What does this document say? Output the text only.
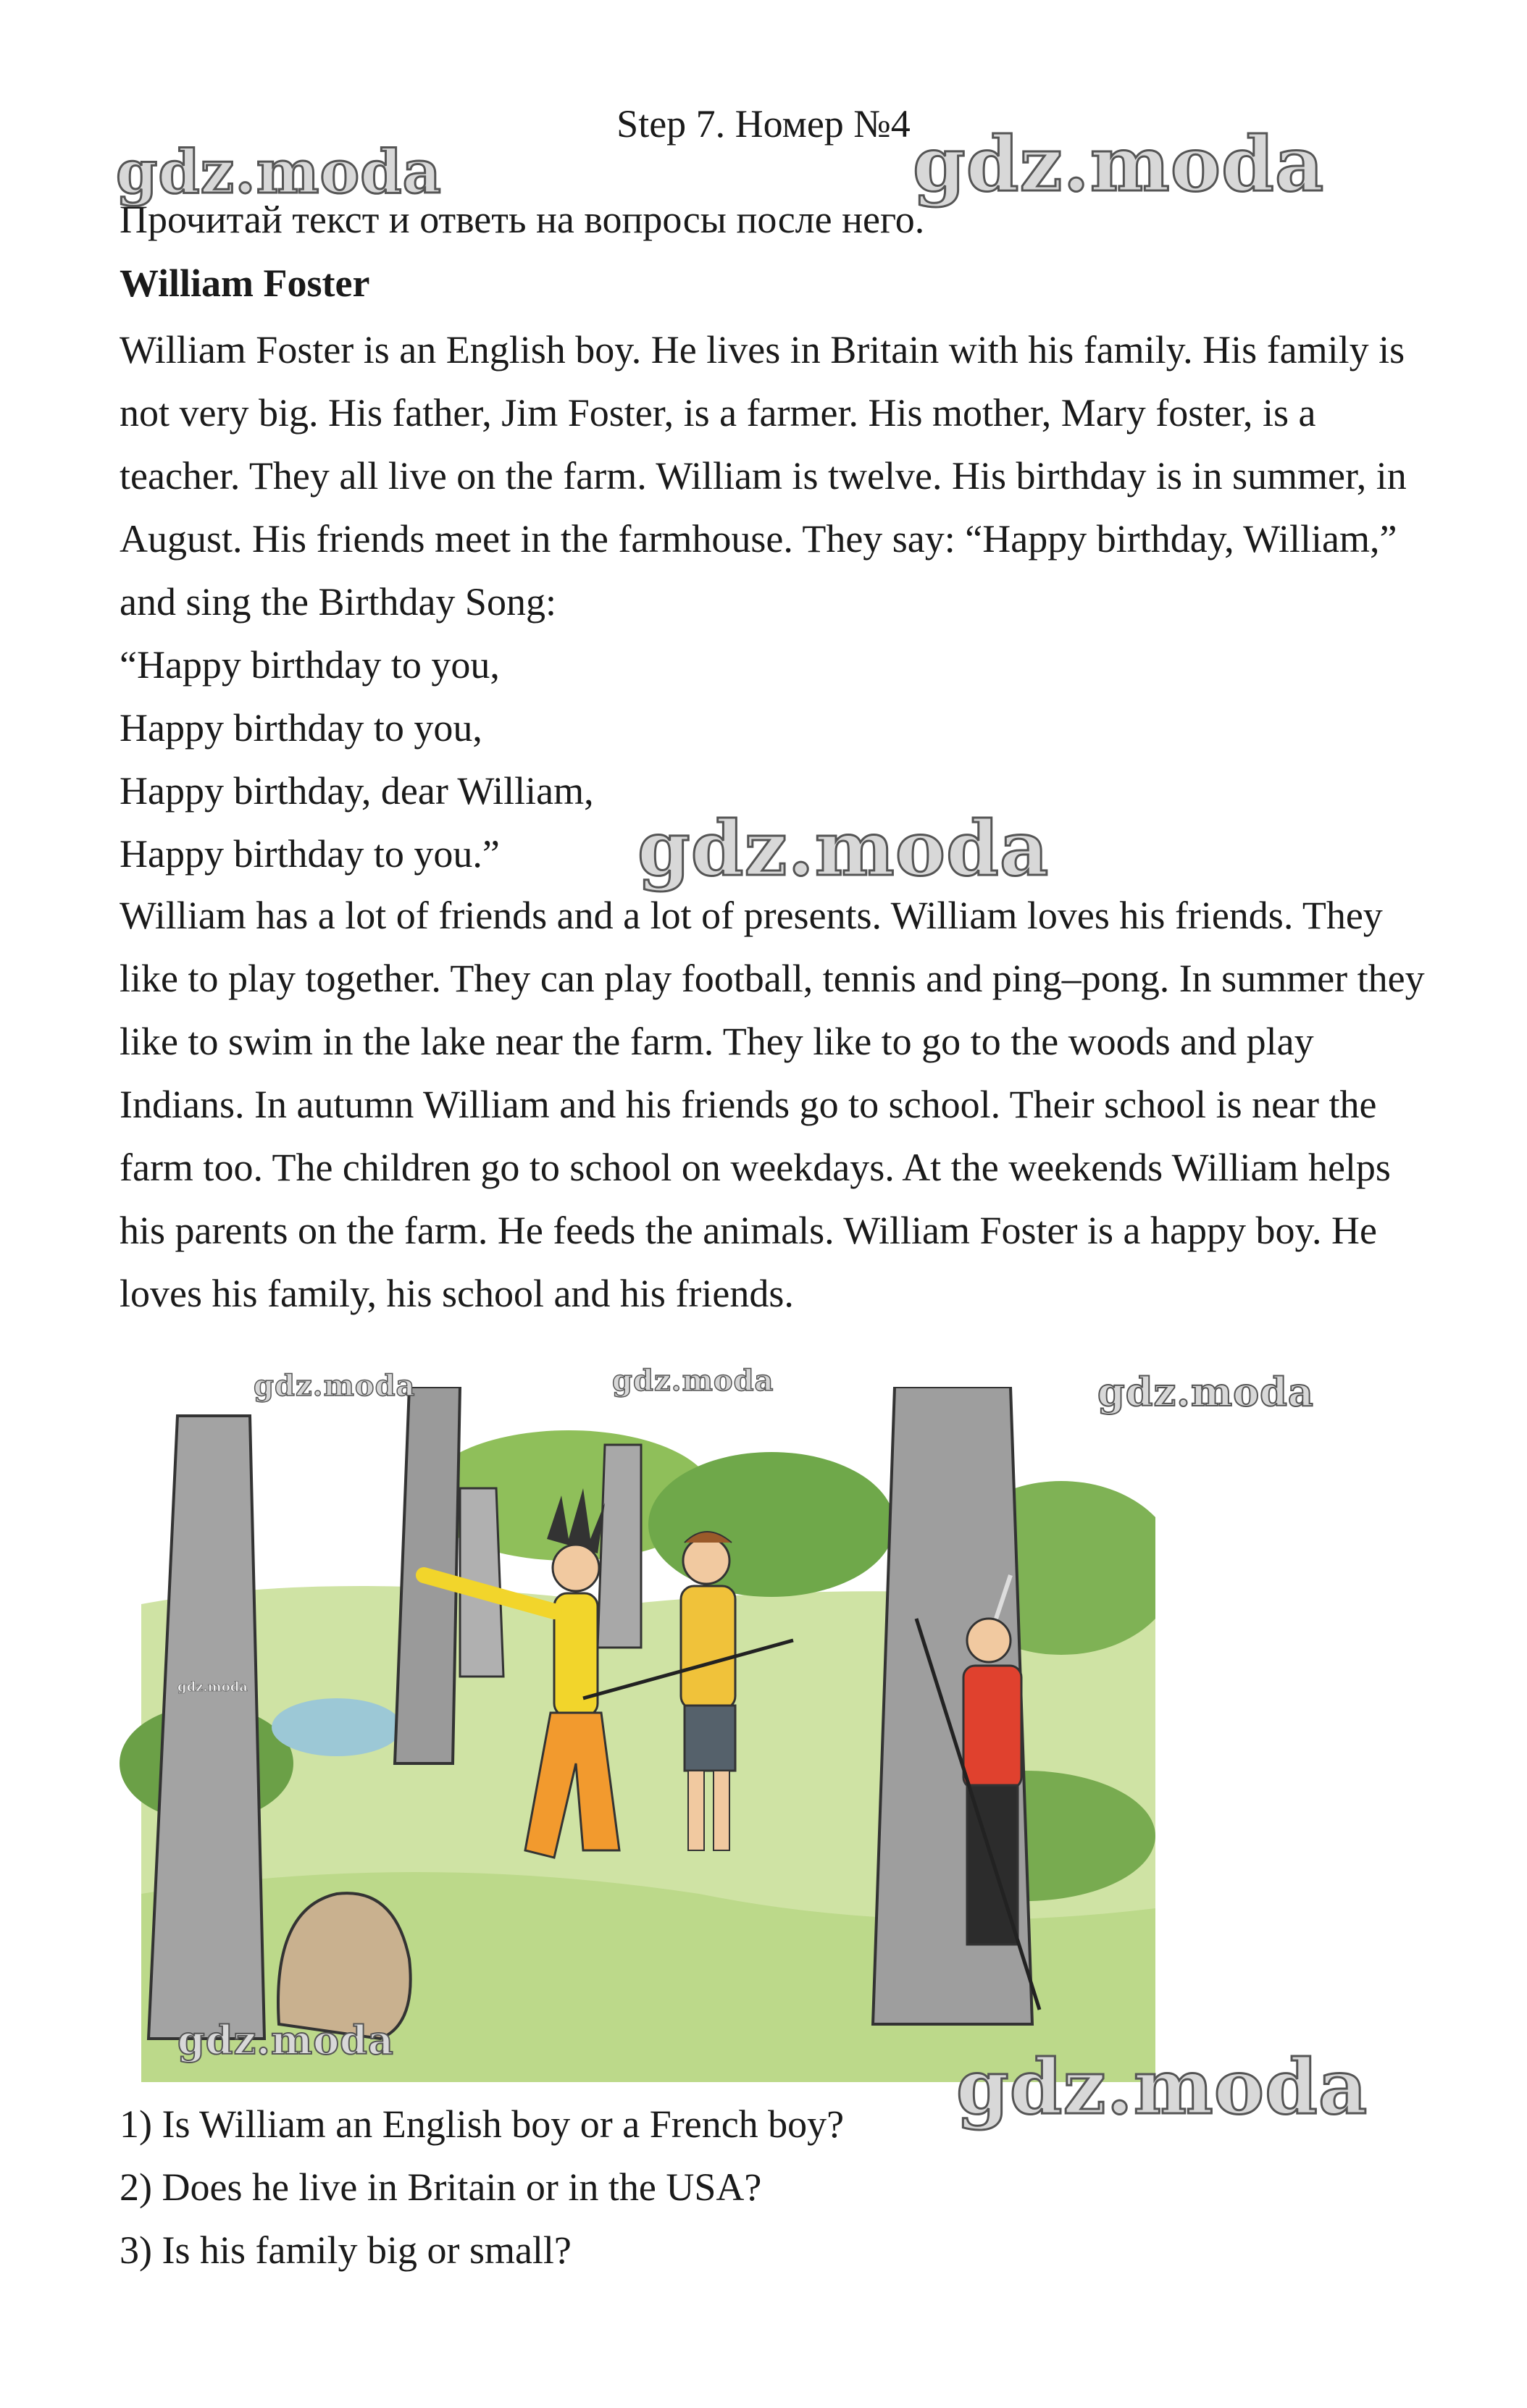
Step 7. Номер №4
Прочитай текст и ответь на вопросы после него.
William Foster

William Foster is an English boy. He lives in Britain with his family. His family is not very big. His father, Jim Foster, is a farmer. His mother, Mary foster, is a teacher. They all live on the farm. William is twelve. His birthday is in summer, in August. His friends meet in the farmhouse. They say: “Happy birthday, William,” and sing the Birthday Song:

“Happy birthday to you,
Happy birthday to you,
Happy birthday, dear William,
Happy birthday to you.”

William has a lot of friends and a lot of presents. William loves his friends. They like to play together. They can play football, tennis and ping–pong. In summer they like to swim in the lake near the farm. They like to go to the woods and play Indians. In autumn William and his friends go to school. Their school is near the farm too. The children go to school on weekdays. At the weekends William helps his parents on the farm. He feeds the animals. William Foster is a happy boy. He loves his family, his school and his friends.

gdz.moda
1) Is William an English boy or a French boy?
2) Does he live in Britain or in the USA?
3) Is his family big or small?
gdz.moda	gdz.moda
gdz.moda
gdz.moda	gdz.moda	gdz.moda
gdz.moda
gdz.moda
